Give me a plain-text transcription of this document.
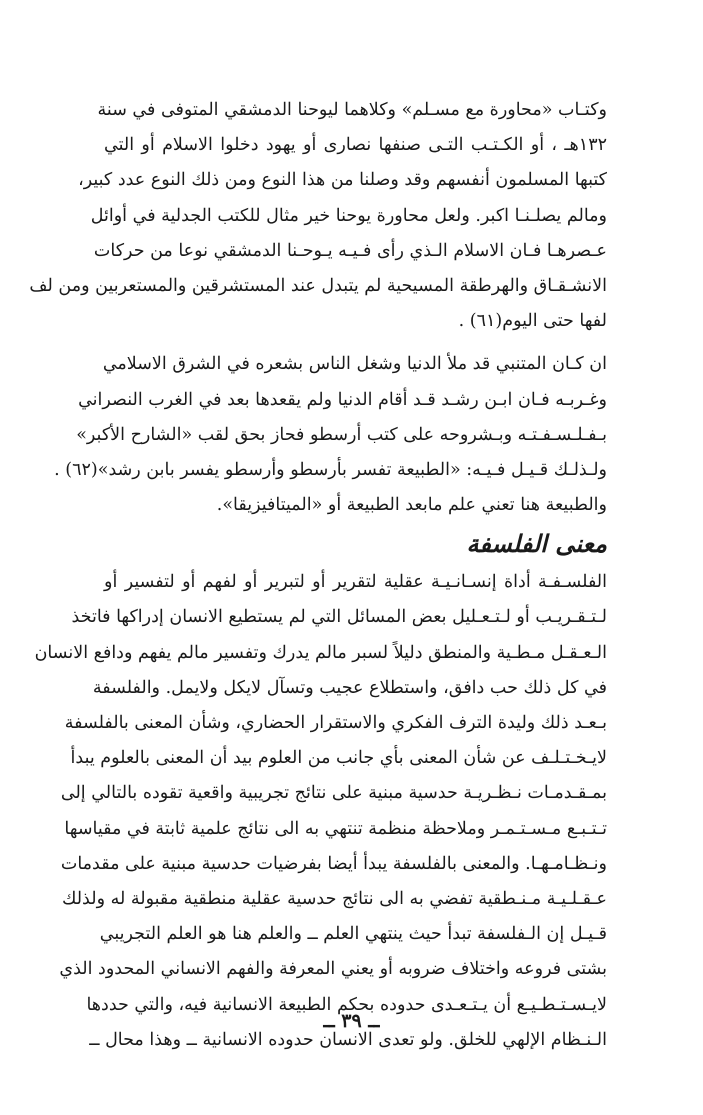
وكتـاب «محاورة مع مسـلم» وكلاهما ليوحنا الدمشقي المتوفى في سنة
١٣٢هـ ، أو الكـتـب التـى صنفها نصارى أو يهود دخلوا الاسلام أو التي
كتبها المسلمون أنفسهم وقد وصلنا من هذا النوع ومن ذلك النوع عدد كبير،
ومالم يصلـنـا اكبر. ولعل محاورة يوحنا خير مثال للكتب الجدلية في أوائل
عـصرهـا فـان الاسلام الـذي رأى فـيـه يـوحـنا الدمشقي نوعا من حركات
الانشـقـاق والهرطقة المسيحية لم يتبدل عند المستشرقين والمستعربين ومن لف
لفها حتى اليوم(٦١) .
ان كـان المتنبي قد ملأ الدنيا وشغل الناس بشعره في الشرق الاسلامي
وغـربـه فـان ابـن رشـد قـد أقام الدنيا ولم يقعدها بعد في الغرب النصراني
بـفـلـسـفـتـه وبـشروحه على كتب أرسطو فحاز بحق لقب «الشارح الأكبر»
ولـذلـك قـيـل فـيـه: «الطبيعة تفسر بأرسطو وأرسطو يفسر بابن رشد»(٦٢) .
والطبيعة هنا تعني علم مابعد الطبيعة أو «الميتافيزيقا».
معنى الفلسفة
الفلسـفـة أداة إنسـانـيـة عقلية لتقرير أو لتبرير أو لفهم أو لتفسير أو
لـتـقـريـب أو لـتـعـليل بعض المسائل التي لم يستطيع الانسان إدراكها فاتخذ
الـعـقـل مـطـية والمنطق دليلاً لسبر مالم يدرك وتفسير مالم يفهم ودافع الانسان
في كل ذلك حب دافق، واستطلاع عجيب وتسآل لايكل ولايمل. والفلسفة
بـعـد ذلك وليدة الترف الفكري والاستقرار الحضاري، وشأن المعنى بالفلسفة
لايـخـتـلـف عن شأن المعنى بأي جانب من العلوم بيد أن المعنى بالعلوم يبدأ
بمـقـدمـات نـظـريـة حدسية مبنية على نتائج تجريبية واقعية تقوده بالتالي إلى
تـتـبـع مـسـتـمـر وملاحظة منظمة تنتهي به الى نتائج علمية ثابتة في مقياسها
ونـظـامـهـا. والمعنى بالفلسفة يبدأ أيضا بفرضيات حدسية مبنية على مقدمات
عـقـلـيـة مـنـطقية تفضي به الى نتائج حدسية عقلية منطقية مقبولة له ولذلك
قـيـل إن الـفلسفة تبدأ حيث ينتهي العلم ــ والعلم هنا هو العلم التجريبي
بشتى فروعه واختلاف ضروبه أو يعني المعرفة والفهم الانساني المحدود الذي
لايـسـتـطـيـع أن يـتـعـدى حدوده بحكم الطبيعة الانسانية فيه، والتي حددها
الـنـظام الإلهي للخلق. ولو تعدى الانسان حدوده الانسانية ــ وهذا محال ــ
ــ ٣٩ ــ
